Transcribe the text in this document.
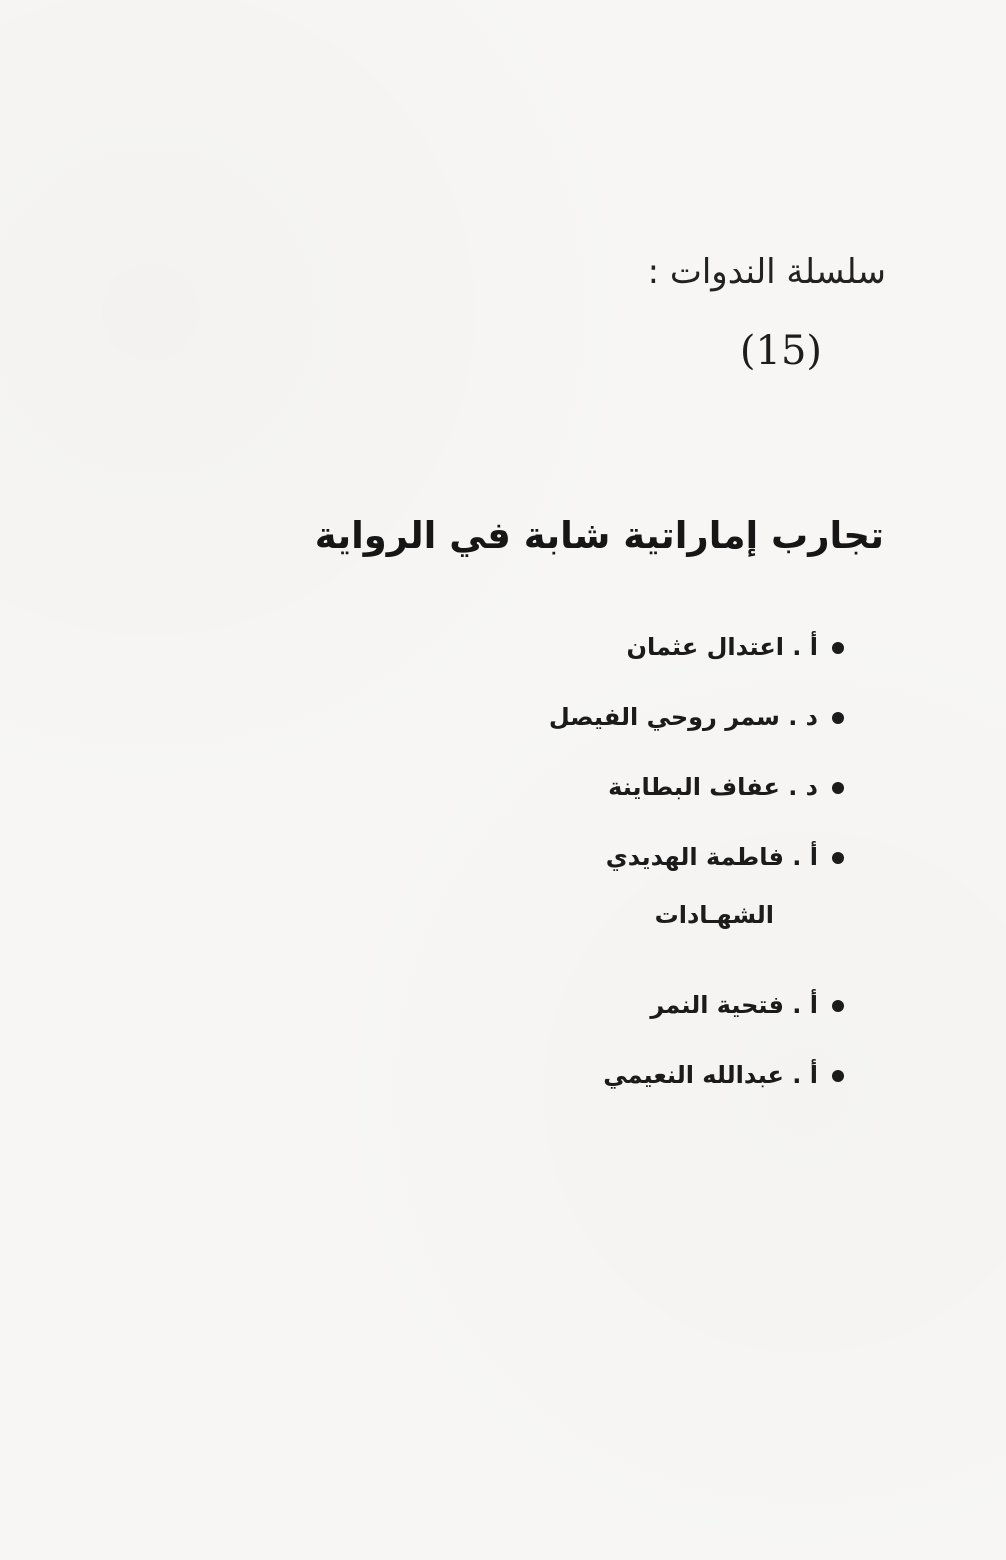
سلسلة الندوات :
(15)
تجارب إماراتية شابة في الرواية
أ . اعتدال عثمان
د . سمر روحي الفيصل
د . عفاف البطاينة
أ . فاطمة الهديدي
الشهـادات
أ . فتحية النمر
أ . عبدالله النعيمي
